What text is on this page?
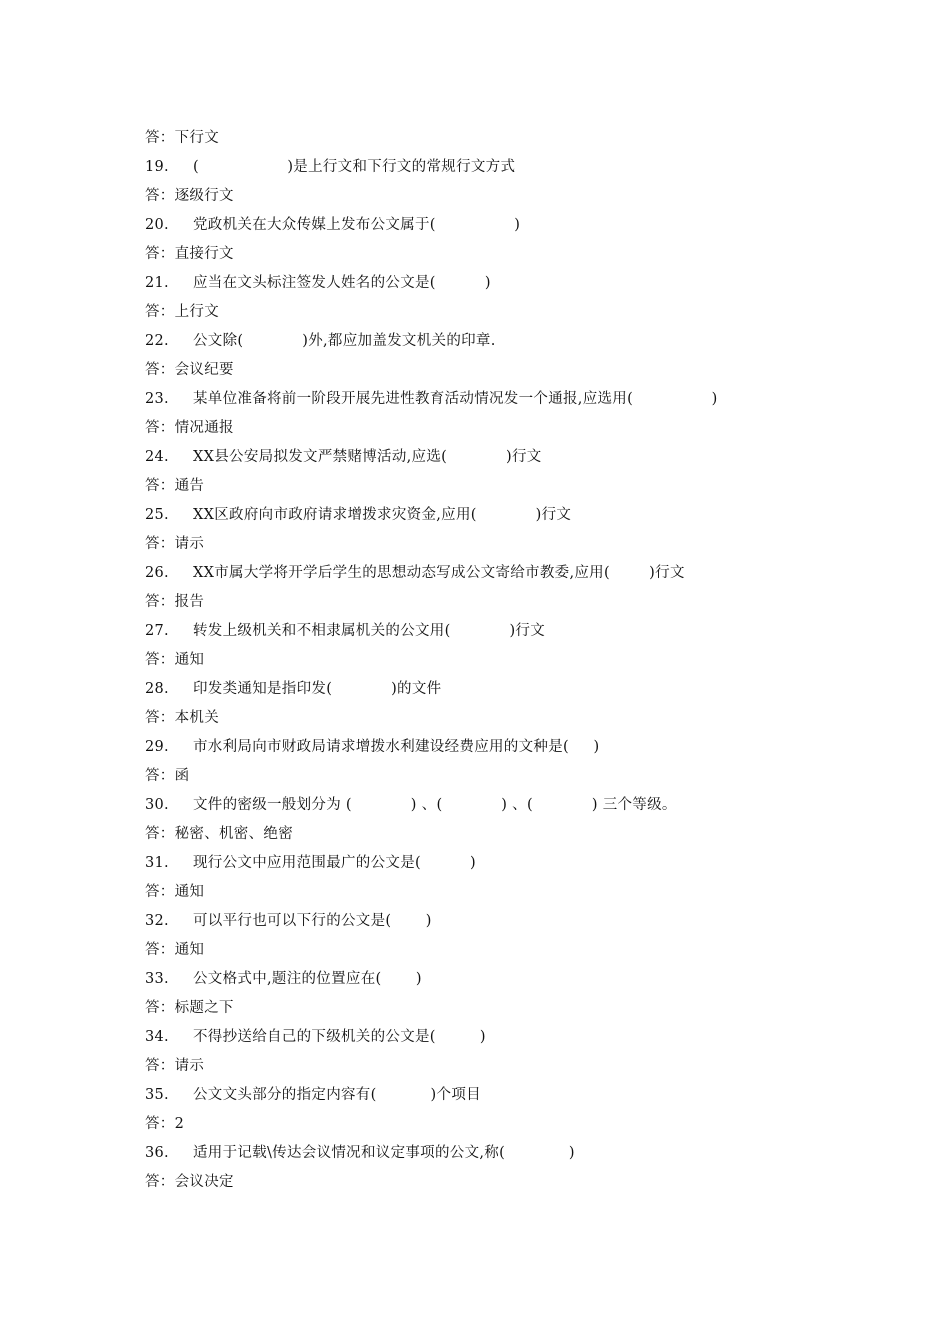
答：下行文
19.	(                  )是上行文和下行文的常规行文方式
答：逐级行文
20.	党政机关在大众传媒上发布公文属于(                )
答：直接行文
21.	应当在文头标注签发人姓名的公文是(          )
答：上行文
22.	公文除(            )外,都应加盖发文机关的印章.
答：会议纪要
23.	某单位准备将前一阶段开展先进性教育活动情况发一个通报,应选用(                )
答：情况通报
24.	XX县公安局拟发文严禁赌博活动,应选(            )行文
答：通告
25.	XX区政府向市政府请求增拨求灾资金,应用(            )行文
答：请示
26.	XX市属大学将开学后学生的思想动态写成公文寄给市教委,应用(        )行文
答：报告
27.	转发上级机关和不相隶属机关的公文用(            )行文
答：通知
28.	印发类通知是指印发(            )的文件
答：本机关
29.	市水利局向市财政局请求增拨水利建设经费应用的文种是(     )
答：函
30.	文件的密级一般划分为 (            ) 、(            ) 、(            ) 三个等级。
答：秘密、机密、绝密
31.	现行公文中应用范围最广的公文是(          )
答：通知
32.	可以平行也可以下行的公文是(       )
答：通知
33.	公文格式中,题注的位置应在(       )
答：标题之下
34.	不得抄送给自己的下级机关的公文是(         )
答：请示
35.	公文文头部分的指定内容有(           )个项目
答：2
36.	适用于记载\传达会议情况和议定事项的公文,称(             )
答：会议决定
